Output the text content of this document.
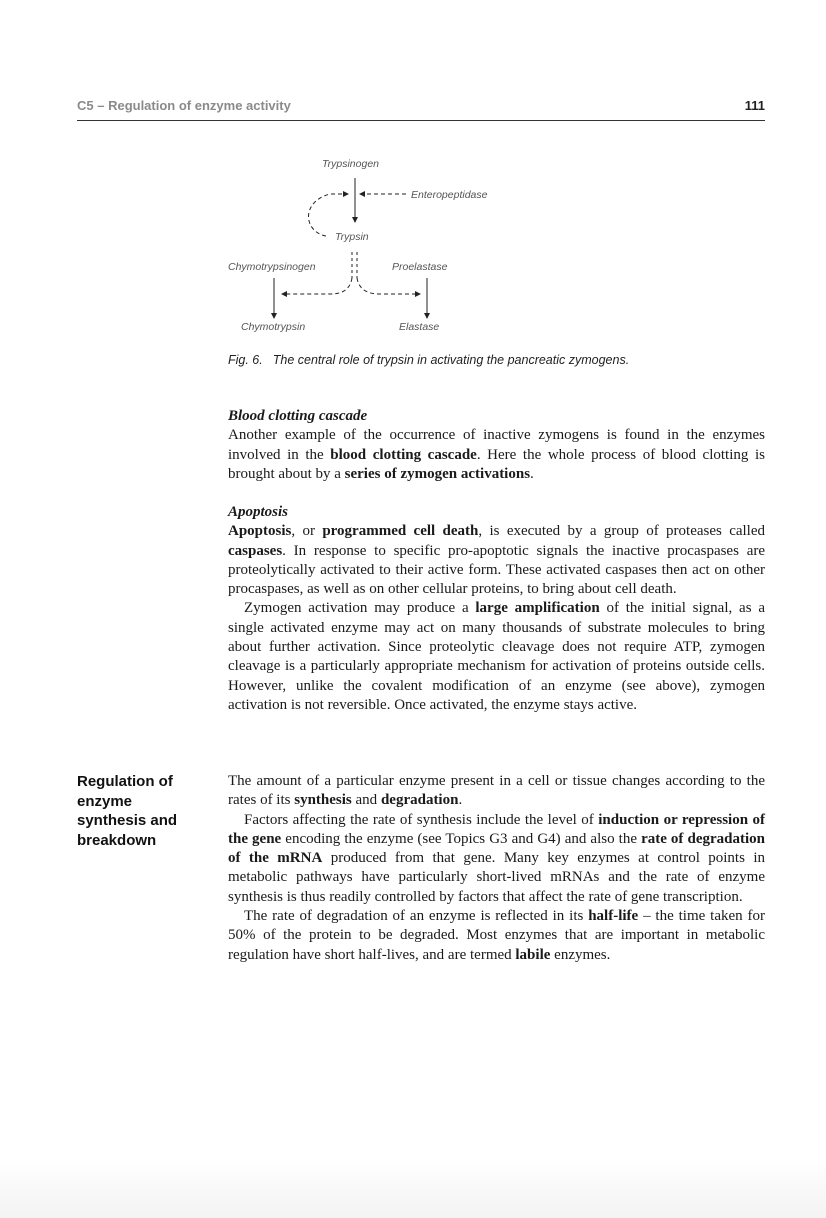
C5 – Regulation of enzyme activity	111
Trypsinogen
Enteropeptidase
Trypsin
Chymotrypsinogen	Proelastase
Chymotrypsin	Elastase
Fig. 6. The central role of trypsin in activating the pancreatic zymogens.

Blood clotting cascade

Another example of the occurrence of inactive zymogens is found in the enzymes involved in the blood clotting cascade. Here the whole process of blood clotting is brought about by a series of zymogen activations.

Apoptosis

Apoptosis, or programmed cell death, is executed by a group of proteases called caspases. In response to specific pro-apoptotic signals the inactive procaspases are proteolytically activated to their active form. These activated caspases then act on other procaspases, as well as on other cellular proteins, to bring about cell death.

Zymogen activation may produce a large amplification of the initial signal, as a single activated enzyme may act on many thousands of substrate molecules to bring about further activation. Since proteolytic cleavage does not require ATP, zymogen cleavage is a particularly appropriate mechanism for activation of proteins outside cells. However, unlike the covalent modification of an enzyme (see above), zymogen activation is not reversible. Once activated, the enzyme stays active.

Regulation of
enzyme
synthesis and
breakdown

The amount of a particular enzyme present in a cell or tissue changes according to the rates of its synthesis and degradation.

Factors affecting the rate of synthesis include the level of induction or repression of the gene encoding the enzyme (see Topics G3 and G4) and also the rate of degradation of the mRNA produced from that gene. Many key enzymes at control points in metabolic pathways have particularly short-lived mRNAs and the rate of enzyme synthesis is thus readily controlled by factors that affect the rate of gene transcription.

The rate of degradation of an enzyme is reflected in its half-life – the time taken for 50% of the protein to be degraded. Most enzymes that are important in metabolic regulation have short half-lives, and are termed labile enzymes.
